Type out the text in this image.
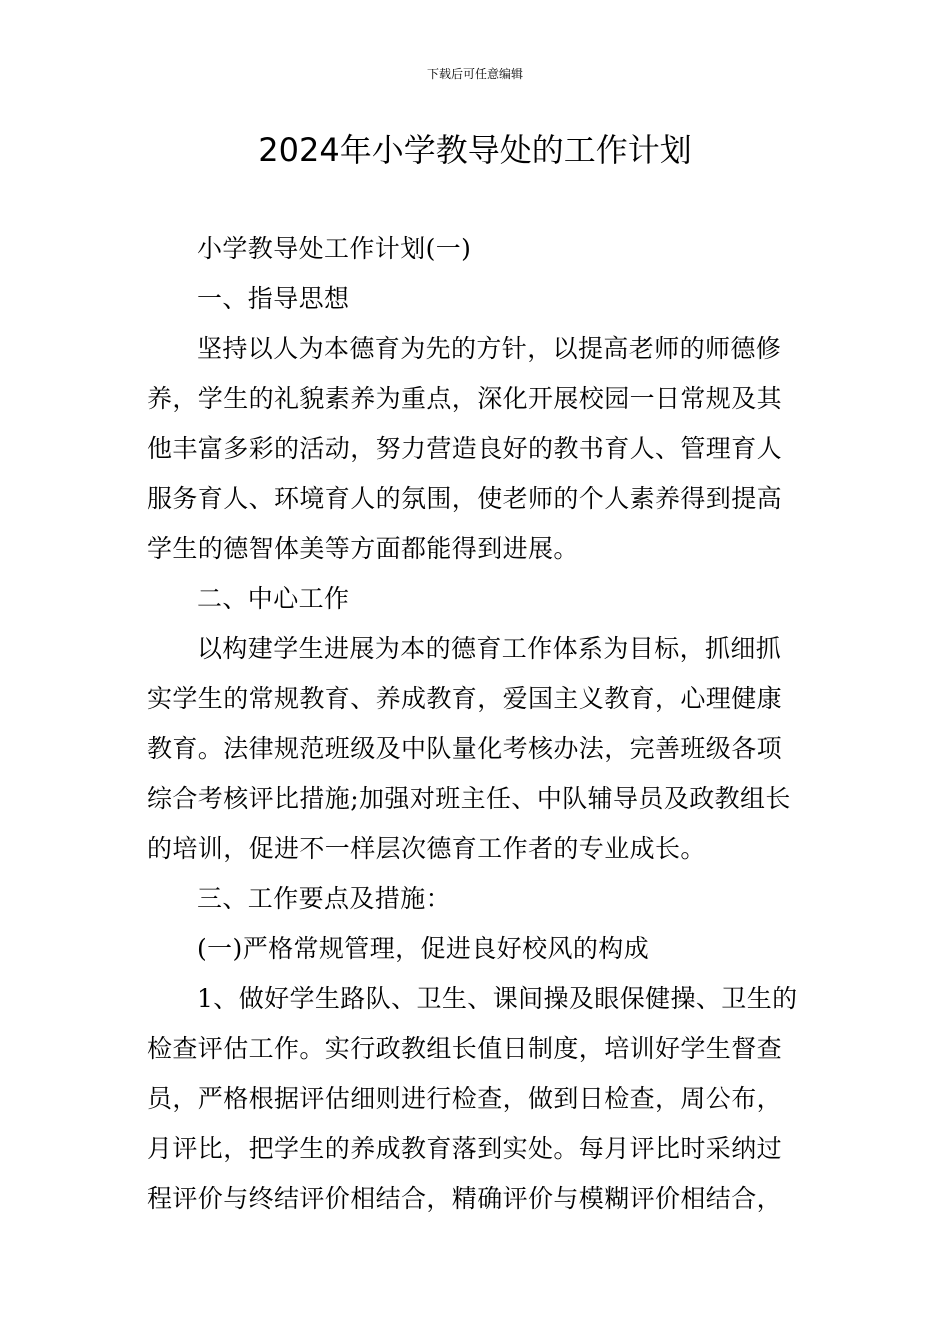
下载后可任意编辑
2024年小学教导处的工作计划
小学教导处工作计划(一)
一、指导思想
坚持以人为本德育为先的方针，以提高老师的师德修
养，学生的礼貌素养为重点，深化开展校园一日常规及其
他丰富多彩的活动，努力营造良好的教书育人、管理育人
服务育人、环境育人的氛围，使老师的个人素养得到提高
学生的德智体美等方面都能得到进展。
二、中心工作
以构建学生进展为本的德育工作体系为目标，抓细抓
实学生的常规教育、养成教育，爱国主义教育，心理健康
教育。法律规范班级及中队量化考核办法，完善班级各项
综合考核评比措施;加强对班主任、中队辅导员及政教组长
的培训，促进不一样层次德育工作者的专业成长。
三、工作要点及措施：
(一)严格常规管理，促进良好校风的构成
1、做好学生路队、卫生、课间操及眼保健操、卫生的
检查评估工作。实行政教组长值日制度，培训好学生督查
员，严格根据评估细则进行检查，做到日检查，周公布，
月评比，把学生的养成教育落到实处。每月评比时采纳过
程评价与终结评价相结合，精确评价与模糊评价相结合，
